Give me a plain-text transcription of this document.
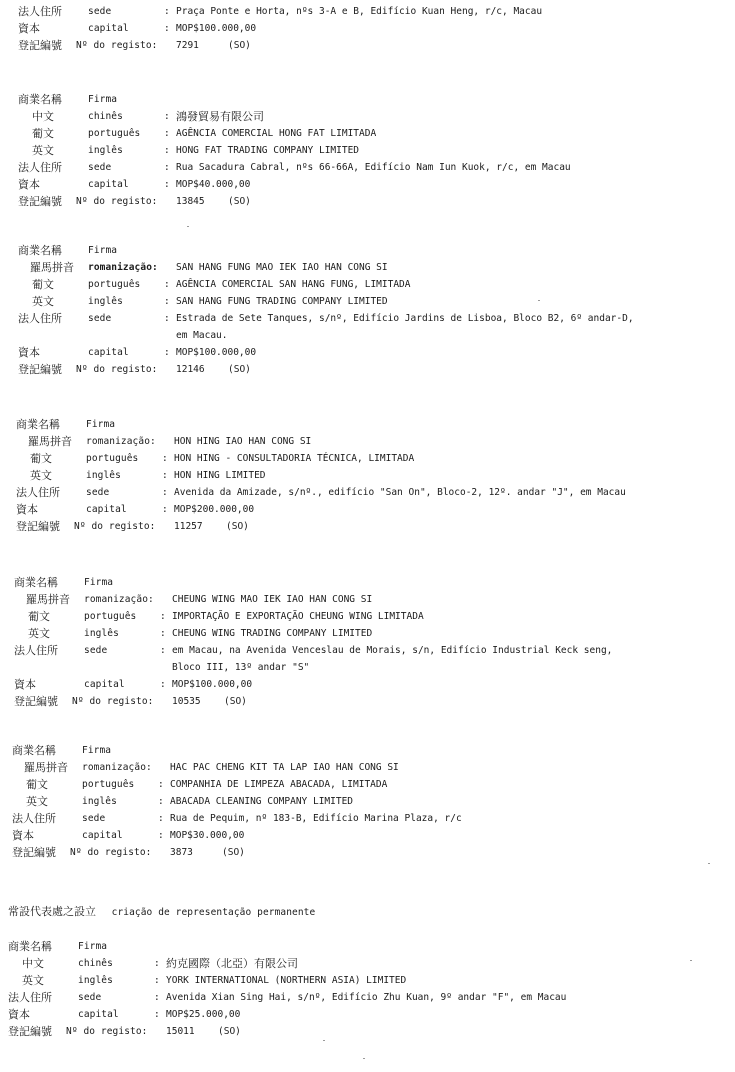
常設代表處之設立 criação de representação permanente
法人住所	sede	: Praça Ponte e Horta, nºs 3-A e B, Edifício Kuan Heng, r/c, Macau
資本	capital	: MOP$100.000,00
登記編號 Nº do registo: 7291	(SO)
商業名稱	Firma
中文	chinês	: 鴻發貿易有限公司
葡文	português : AGÊNCIA COMERCIAL HONG FAT LIMITADA
英文	inglês	: HONG FAT TRADING COMPANY LIMITED
法人住所	sede	: Rua Sacadura Cabral, nºs 66-66A, Edifício Nam Iun Kuok, r/c, em Macau
資本	capital	: MOP$40.000,00
登記編號 Nº do registo: 13845 (SO)
商業名稱	Firma
羅馬拼音 romanização: SAN HANG FUNG MAO IEK IAO HAN CONG SI
葡文	português : AGÊNCIA COMERCIAL SAN HANG FUNG, LIMITADA
英文	inglês	: SAN HANG FUNG TRADING COMPANY LIMITED
法人住所	sede	: Estrada de Sete Tanques, s/nº, Edifício Jardins de Lisboa, Bloco B2, 6º andar-D,
em Macau.
資本	capital	: MOP$100.000,00
登記編號 Nº do registo: 12146 (SO)
商業名稱	Firma
羅馬拼音 romanização: HON HING IAO HAN CONG SI
葡文	português : HON HING - CONSULTADORIA TÉCNICA, LIMITADA
英文	inglês	: HON HING LIMITED
法人住所	sede	: Avenida da Amizade, s/nº., edifício "San On", Bloco-2, 12º. andar "J", em Macau
資本	capital	: MOP$200.000,00
登記編號 Nº do registo: 11257 (SO)
商業名稱	Firma
羅馬拼音 romanização: CHEUNG WING MAO IEK IAO HAN CONG SI
葡文	português : IMPORTAÇÃO E EXPORTAÇÃO CHEUNG WING LIMITADA
英文	inglês	: CHEUNG WING TRADING COMPANY LIMITED
法人住所	sede	: em Macau, na Avenida Venceslau de Morais, s/n, Edifício Industrial Keck seng,
Bloco III, 13º andar "S"
資本	capital	: MOP$100.000,00
登記編號 Nº do registo: 10535 (SO)
商業名稱	Firma
羅馬拼音 romanização: HAC PAC CHENG KIT TA LAP IAO HAN CONG SI
葡文	português : COMPANHIA DE LIMPEZA ABACADA, LIMITADA
英文	inglês	: ABACADA CLEANING COMPANY LIMITED
法人住所	sede	: Rua de Pequim, nº 183-B, Edifício Marina Plaza, r/c
資本	capital	: MOP$30.000,00
登記編號 Nº do registo: 3873	(SO)
商業名稱	Firma
中文	chinês	: 約克國際（北亞）有限公司
英文	inglês	: YORK INTERNATIONAL (NORTHERN ASIA) LIMITED
法人住所	sede	: Avenida Xian Sing Hai, s/nº, Edifício Zhu Kuan, 9º andar "F", em Macau
資本	capital	: MOP$25.000,00
登記編號 Nº do registo: 15011 (SO)
